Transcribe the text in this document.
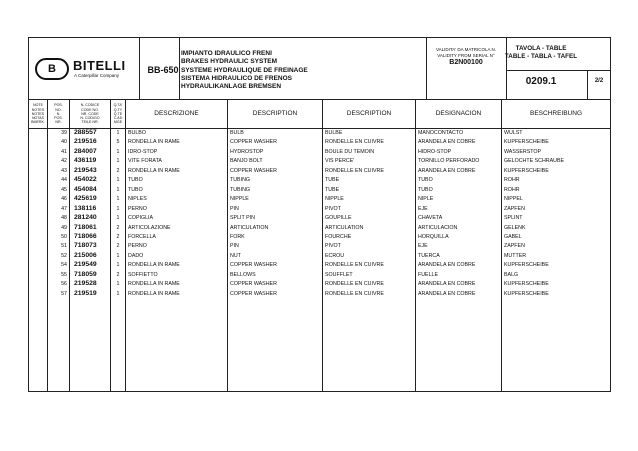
B	BITELLI
A Caterpillar Company
BB-650
IMPIANTO IDRAULICO FRENI
BRAKES HYDRAULIC SYSTEM
SYSTEME HYDRAULIQUE DE FREINAGE
SISTEMA HIDRAULICO DE FRENOS
HYDRAULIKANLAGE BREMSEN
VALIDITA' DA MATRICOLA N.
VALIDITY FROM SERIAL N°
B2N00100
TAVOLA - TABLE
TABLE - TABLA - TAFEL
0209.1	2/2
NOTE
NOTES
NOTES
NOTAS
BMERK.
POS.
NO.
N.
POS.
NR.
N. CODICE
CODE NO.
NR. CODE
N. CODIGO
TEILE NR.
Q.TA'
Q.TY
Q.TE
C.AD
MGE
DESCRIZIONE	DESCRIPTION	DESCRIPTION	DESIGNACION	BESCHREIBUNG
39 288557	1	BULBO	BULB	BULBE	MANOCONTACTO	WULST
40 219516	5	RONDELLA IN RAME	COPPER WASHER	RONDELLE EN CUIVRE	ARANDELA EN COBRE	KUPFERSCHEIBE
41 284007	1	IDRO-STOP	HYDROSTOP	BOULE DU TEMOIN	HIDRO-STOP	WASSERSTOP
42 436119	1	VITE FORATA	BANJO BOLT	VIS PERCE'	TORNILLO PERFORADO	GELOCHTE SCHRAUBE
43 219543	2	RONDELLA IN RAME	COPPER WASHER	RONDELLE EN CUIVRE	ARANDELA EN COBRE	KUPFERSCHEIBE
44 454022	1	TUBO	TUBING	TUBE	TUBO	ROHR
45 454084	1	TUBO	TUBING	TUBE	TUBO	ROHR
46 425619	1	NIPLES	NIPPLE	NIPPLE	NIPLE	NIPPEL
47 138116	1	PERNO	PIN	PIVOT	EJE	ZAPFEN
48 281240	1	COPIGLIA	SPLIT PIN	GOUPILLE	CHAVETA	SPLINT
49 718061	2	ARTICOLAZIONE	ARTICULATION	ARTICULATION	ARTICULACION	GELENK
50 718066	2	FORCELLA	FORK	FOURCHE	HORQUILLA	GABEL
51 718073	2	PERNO	PIN	PIVOT	EJE	ZAPFEN
52 215006	1	DADO	NUT	ECROU	TUERCA	MUTTER
54 219549	1	RONDELLA IN RAME	COPPER WASHER	RONDELLE EN CUIVRE	ARANDELA EN COBRE	KUPFERSCHEIBE
55 718059	2	SOFFIETTO	BELLOWS	SOUFFLET	FUELLE	BALG
56 219528	1	RONDELLA IN RAME	COPPER WASHER	RONDELLE EN CUIVRE	ARANDELA EN COBRE	KUPFERSCHEIBE
57 219519	1	RONDELLA IN RAME	COPPER WASHER	RONDELLE EN CUIVRE	ARANDELA EN COBRE	KUPFERSCHEIBE
